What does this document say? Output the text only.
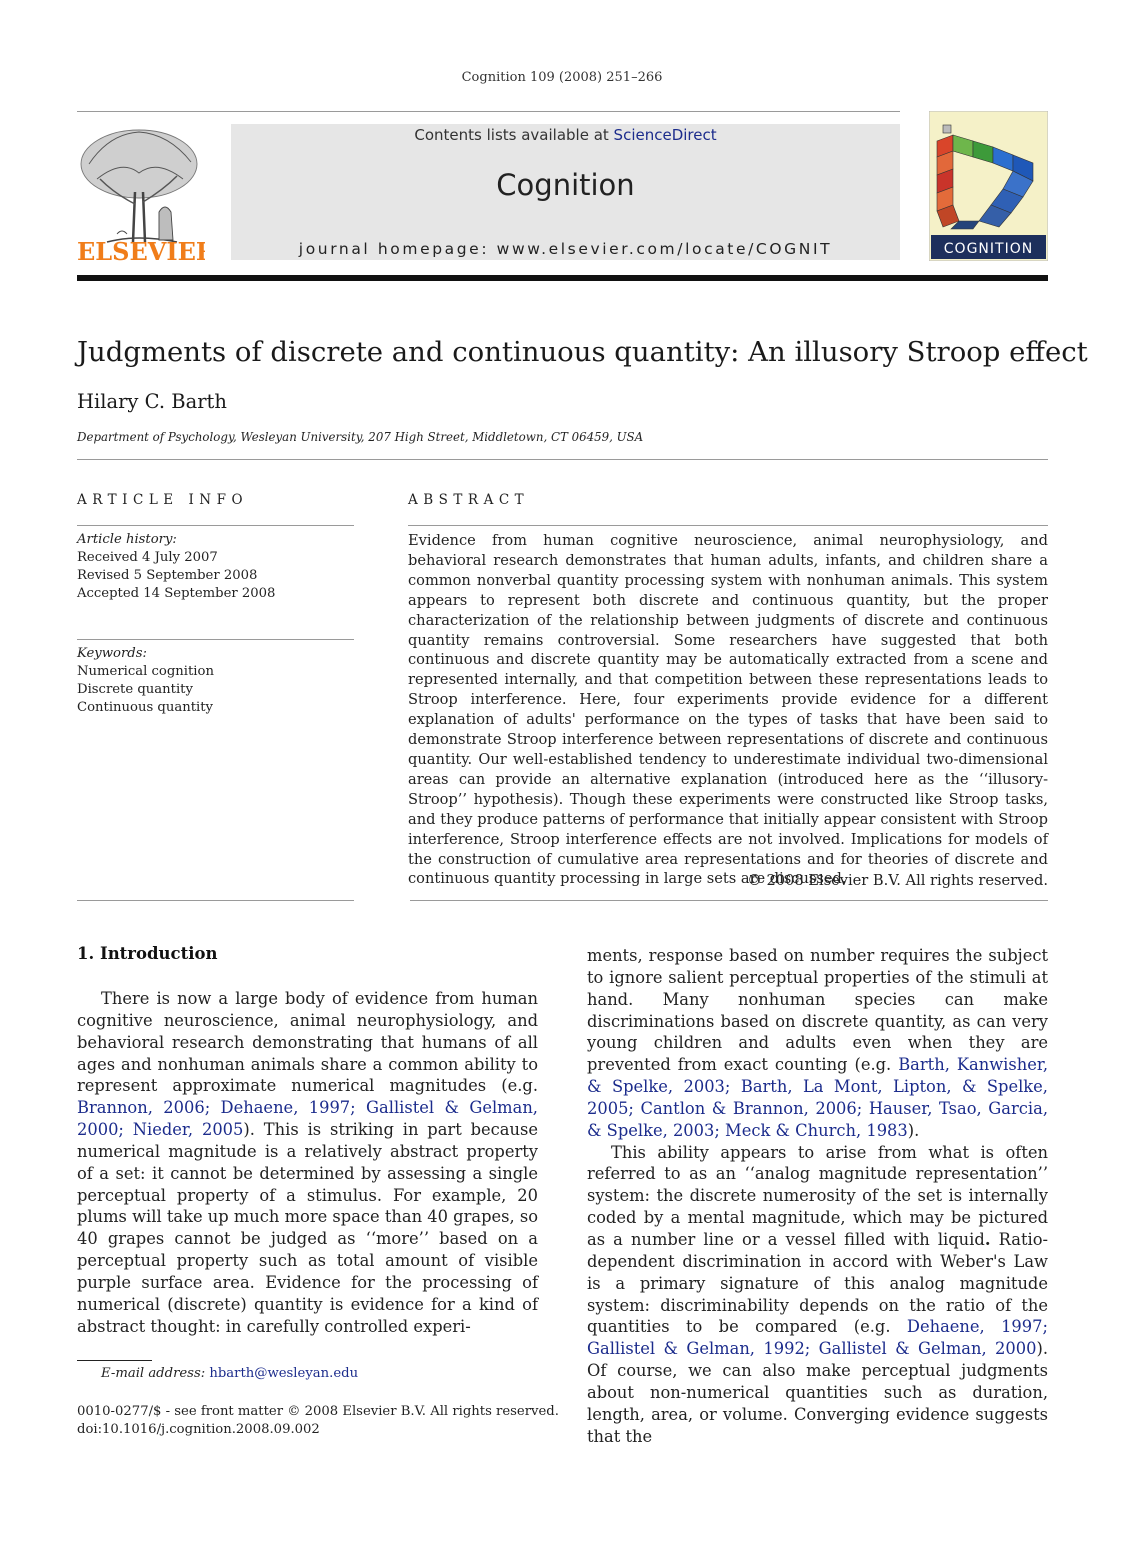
Cognition 109 (2008) 251–266
ELSEVIER
Contents lists available at ScienceDirect
Cognition
journal homepage: www.elsevier.com/locate/COGNIT	COGNITION
Judgments of discrete and continuous quantity: An illusory Stroop effect
Hilary C. Barth
Department of Psychology, Wesleyan University, 207 High Street, Middletown, CT 06459, USA
ARTICLE INFO	ABSTRACT
Article history:
Received 4 July 2007
Revised 5 September 2008
Accepted 14 September 2008
Keywords:
Numerical cognition
Discrete quantity
Continuous quantity
Evidence from human cognitive neuroscience, animal neurophysiology, and behavioral research demonstrates that human adults, infants, and children share a common nonverbal quantity processing system with nonhuman animals. This system appears to represent both discrete and continuous quantity, but the proper characterization of the relationship between judgments of discrete and continuous quantity remains controversial. Some researchers have suggested that both continuous and discrete quantity may be automatically extracted from a scene and represented internally, and that competition between these representations leads to Stroop interference. Here, four experiments provide evidence for a different explanation of adults' performance on the types of tasks that have been said to demonstrate Stroop interference between representations of discrete and continuous quantity. Our well-established tendency to underestimate individual two-dimensional areas can provide an alternative explanation (introduced here as the ‘‘illusory-Stroop’’ hypothesis). Though these experiments were constructed like Stroop tasks, and they produce patterns of performance that initially appear consistent with Stroop interference, Stroop interference effects are not involved. Implications for models of the construction of cumulative area representations and for theories of discrete and continuous quantity processing in large sets are discussed.
© 2008 Elsevier B.V. All rights reserved.
1. Introduction

There is now a large body of evidence from human cognitive neuroscience, animal neurophysiology, and behavioral research demonstrating that humans of all ages and nonhuman animals share a common ability to represent approximate numerical magnitudes (e.g. Brannon, 2006; Dehaene, 1997; Gallistel & Gelman, 2000; Nieder, 2005). This is striking in part because numerical magnitude is a relatively abstract property of a set: it cannot be determined by assessing a single perceptual property of a stimulus. For example, 20 plums will take up much more space than 40 grapes, so 40 grapes cannot be judged as ‘‘more’’ based on a perceptual property such as total amount of visible purple surface area. Evidence for the processing of numerical (discrete) quantity is evidence for a kind of abstract thought: in carefully controlled experi-

ments, response based on number requires the subject to ignore salient perceptual properties of the stimuli at hand. Many nonhuman species can make discriminations based on discrete quantity, as can very young children and adults even when they are prevented from exact counting (e.g. Barth, Kanwisher, & Spelke, 2003; Barth, La Mont, Lipton, & Spelke, 2005; Cantlon & Brannon, 2006; Hauser, Tsao, Garcia, & Spelke, 2003; Meck & Church, 1983).

This ability appears to arise from what is often referred to as an ‘‘analog magnitude representation’’ system: the discrete numerosity of the set is internally coded by a mental magnitude, which may be pictured as a number line or a vessel filled with liquid. Ratio-dependent discrimination in accord with Weber's Law is a primary signature of this analog magnitude system: discriminability depends on the ratio of the quantities to be compared (e.g. Dehaene, 1997; Gallistel & Gelman, 1992; Gallistel & Gelman, 2000). Of course, we can also make perceptual judgments about non-numerical quantities such as duration, length, area, or volume. Converging evidence suggests that the

E-mail address: hbarth@wesleyan.edu
0010-0277/$ - see front matter © 2008 Elsevier B.V. All rights reserved.
doi:10.1016/j.cognition.2008.09.002
